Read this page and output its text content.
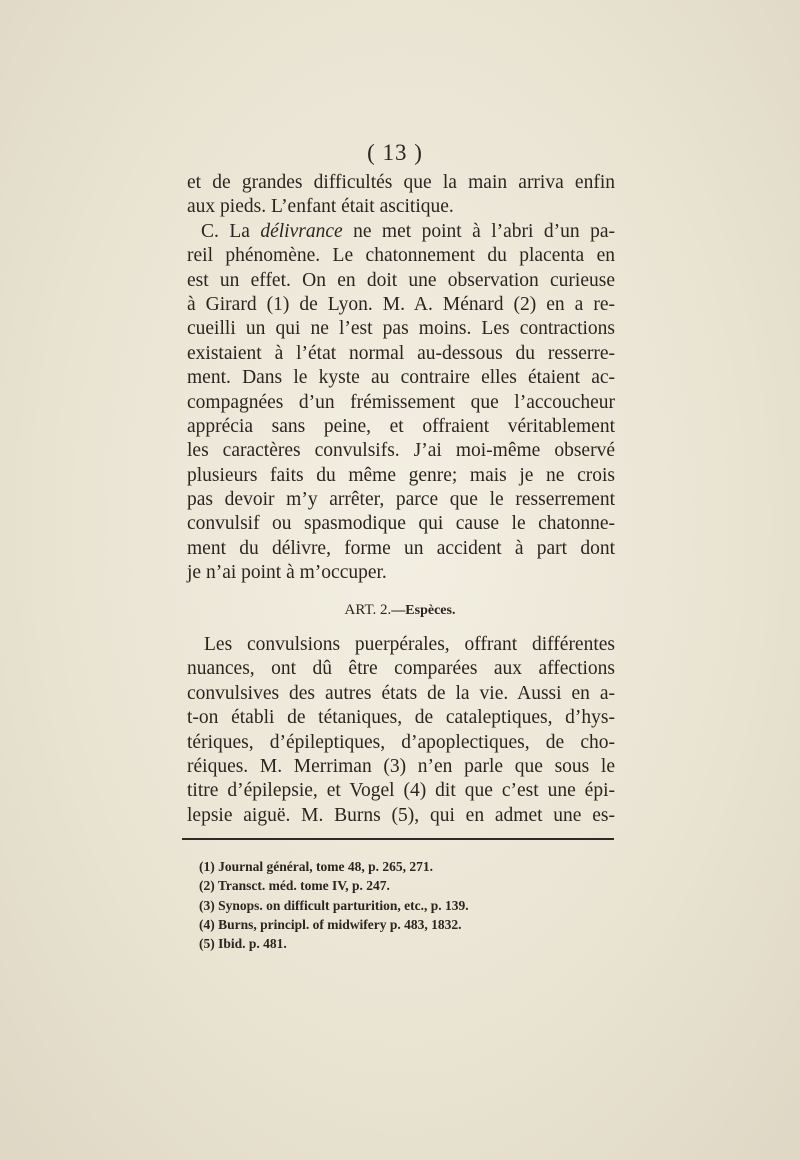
( 13 )
et de grandes difficultés que la main arriva enfin
aux pieds. L’enfant était ascitique.
C. La délivrance ne met point à l’abri d’un pa-
reil phénomène. Le chatonnement du placenta en
est un effet. On en doit une observation curieuse
à Girard (1) de Lyon. M. A. Ménard (2) en a re-
cueilli un qui ne l’est pas moins. Les contractions
existaient à l’état normal au-dessous du resserre-
ment. Dans le kyste au contraire elles étaient ac-
compagnées d’un frémissement que l’accoucheur
apprécia sans peine, et offraient véritablement
les caractères convulsifs. J’ai moi-même observé
plusieurs faits du même genre; mais je ne crois
pas devoir m’y arrêter, parce que le resserrement
convulsif ou spasmodique qui cause le chatonne-
ment du délivre, forme un accident à part dont
je n’ai point à m’occuper.
ART. 2.—Espèces.
Les convulsions puerpérales, offrant différentes
nuances, ont dû être comparées aux affections
convulsives des autres états de la vie. Aussi en a-
t-on établi de tétaniques, de cataleptiques, d’hys-
tériques, d’épileptiques, d’apoplectiques, de cho-
réiques. M. Merriman (3) n’en parle que sous le
titre d’épilepsie, et Vogel (4) dit que c’est une épi-
lepsie aiguë. M. Burns (5), qui en admet une es-
(1) Journal général, tome 48, p. 265, 271.
(2) Transct. méd. tome IV, p. 247.
(3) Synops. on difficult parturition, etc., p. 139.
(4) Burns, principl. of midwifery p. 483, 1832.
(5) Ibid. p. 481.
